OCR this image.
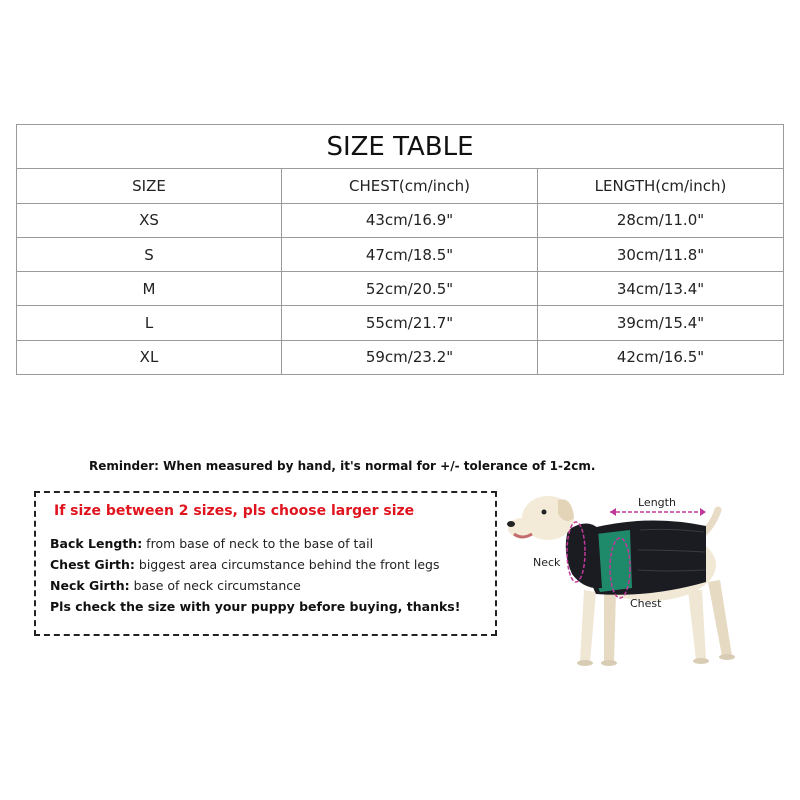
SIZE TABLE		
SIZE	CHEST(cm/inch)	LENGTH(cm/inch)
XS	43cm/16.9"	28cm/11.0"
S	47cm/18.5"	30cm/11.8"
M	52cm/20.5"	34cm/13.4"
L	55cm/21.7"	39cm/15.4"
XL	59cm/23.2"	42cm/16.5"
Reminder: When measured by hand, it's normal for +/- tolerance of 1-2cm.
If size between 2 sizes, pls choose larger size
Back Length: from base of neck to the base of tail
Chest Girth: biggest area circumstance behind the front legs
Neck Girth: base of neck circumstance
Pls check the size with your puppy before buying, thanks!
Length
Neck
Chest
